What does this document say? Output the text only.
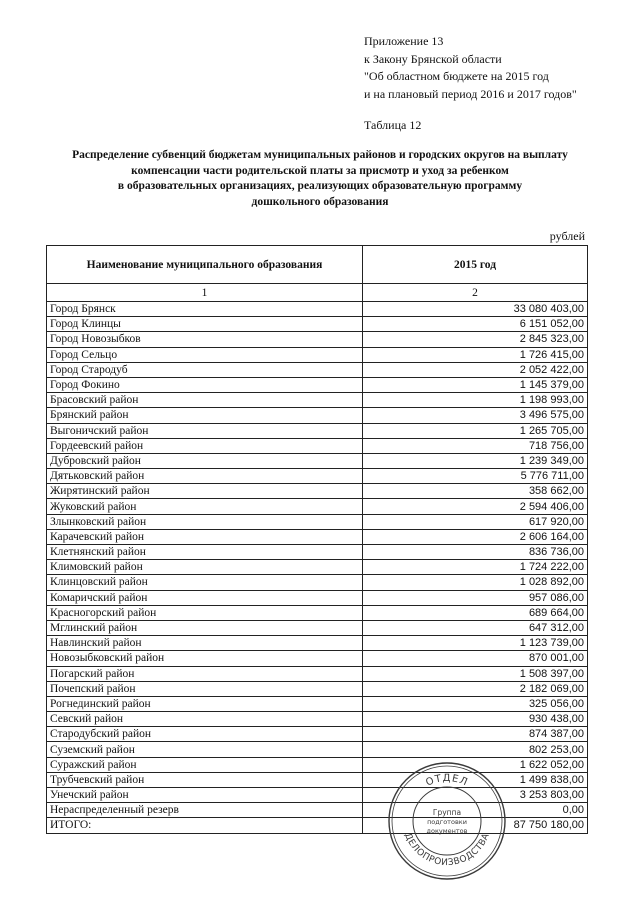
Приложение 13
к Закону Брянской области
"Об областном бюджете на 2015 год
и на плановый период 2016 и 2017 годов"
Таблица 12
Распределение субвенций бюджетам муниципальных районов и городских округов на выплату
компенсации части родительской платы за присмотр и уход за ребенком
в образовательных организациях, реализующих образовательную программу
дошкольного образования
рублей
Наименование муниципального образования	2015 год
1	2
Город Брянск	33 080 403,00
Город Клинцы	6 151 052,00
Город Новозыбков	2 845 323,00
Город Сельцо	1 726 415,00
Город Стародуб	2 052 422,00
Город Фокино	1 145 379,00
Брасовский район	1 198 993,00
Брянский район	3 496 575,00
Выгоничский район	1 265 705,00
Гордеевский район	718 756,00
Дубровский район	1 239 349,00
Дятьковский район	5 776 711,00
Жирятинский район	358 662,00
Жуковский район	2 594 406,00
Злынковский район	617 920,00
Карачевский район	2 606 164,00
Клетнянский район	836 736,00
Климовский район	1 724 222,00
Клинцовский район	1 028 892,00
Комаричский район	957 086,00
Красногорский район	689 664,00
Мглинский район	647 312,00
Навлинский район	1 123 739,00
Новозыбковский район	870 001,00
Погарский район	1 508 397,00
Почепский район	2 182 069,00
Рогнединский район	325 056,00
Севский район	930 438,00
Стародубский район	874 387,00
Суземский район	802 253,00
Суражский район	1 622 052,00
Трубчевский район	1 499 838,00
Унечский район	3 253 803,00
Нераспределенный резерв	0,00
ИТОГО:	87 750 180,00
ОТДЕЛ
ДЕЛОПРОИЗВОДСТВА
Группа
подготовки
документов
